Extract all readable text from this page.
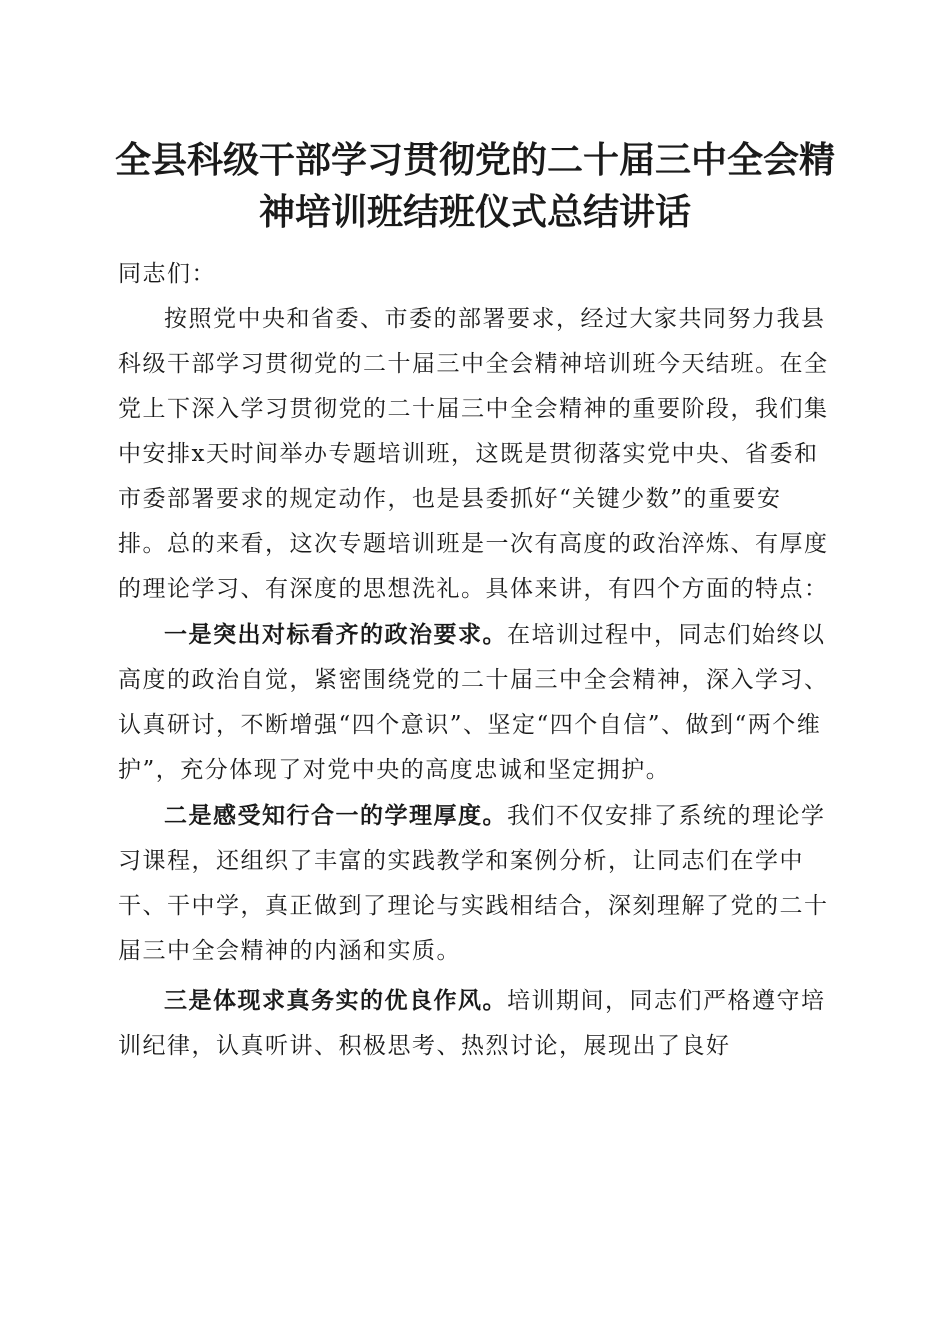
全县科级干部学习贯彻党的二十届三中全会精
神培训班结班仪式总结讲话

同志们：

按照党中央和省委、市委的部署要求，经过大家共同努力我县科级干部学习贯彻党的二十届三中全会精神培训班今天结班。在全党上下深入学习贯彻党的二十届三中全会精神的重要阶段，我们集中安排x天时间举办专题培训班，这既是贯彻落实党中央、省委和市委部署要求的规定动作，也是县委抓好“关键少数”的重要安排。总的来看，这次专题培训班是一次有高度的政治淬炼、有厚度的理论学习、有深度的思想洗礼。具体来讲，有四个方面的特点：

一是突出对标看齐的政治要求。在培训过程中，同志们始终以高度的政治自觉，紧密围绕党的二十届三中全会精神，深入学习、认真研讨，不断增强“四个意识”、坚定“四个自信”、做到“两个维护”，充分体现了对党中央的高度忠诚和坚定拥护。

二是感受知行合一的学理厚度。我们不仅安排了系统的理论学习课程，还组织了丰富的实践教学和案例分析，让同志们在学中干、干中学，真正做到了理论与实践相结合，深刻理解了党的二十届三中全会精神的内涵和实质。

三是体现求真务实的优良作风。培训期间，同志们严格遵守培训纪律，认真听讲、积极思考、热烈讨论，展现出了良好
